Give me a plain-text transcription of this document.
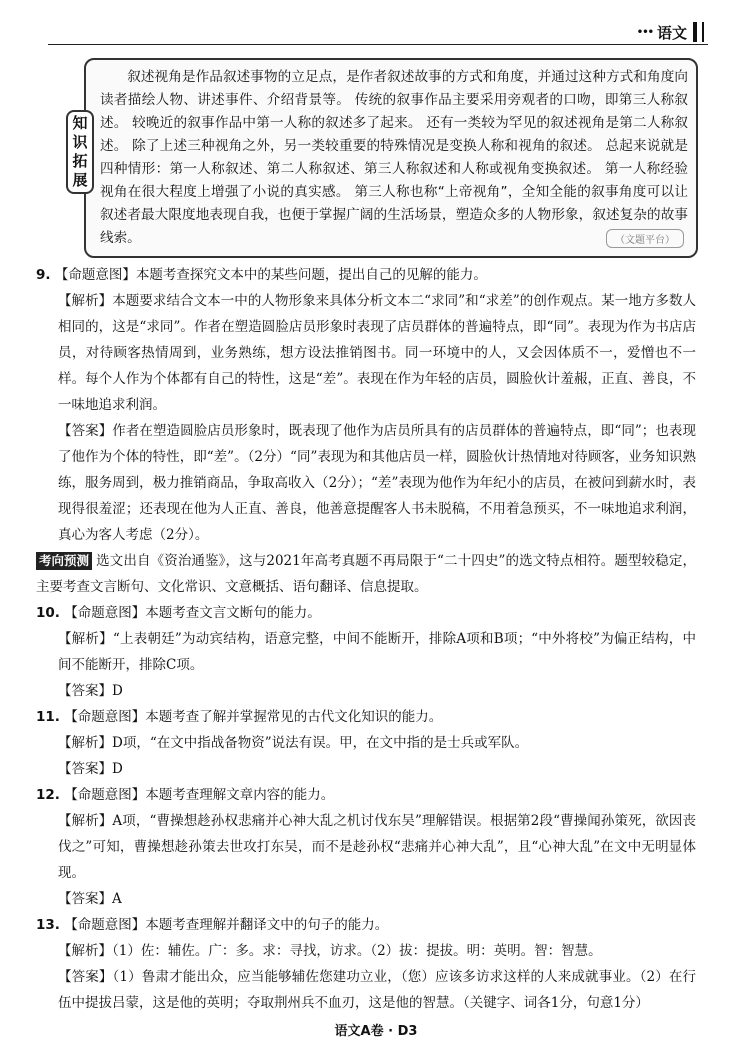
••• 语文

叙述视角是作品叙述事物的立足点，是作者叙述故事的方式和角度，并通过这种方式和角度向读者描绘人物、讲述事件、介绍背景等。 传统的叙事作品主要采用旁观者的口吻，即第三人称叙述。 较晚近的叙事作品中第一人称的叙述多了起来。 还有一类较为罕见的叙述视角是第二人称叙述。 除了上述三种视角之外，另一类较重要的特殊情况是变换人称和视角的叙述。 总起来说就是四种情形：第一人称叙述、第二人称叙述、第三人称叙述和人称或视角变换叙述。 第一人称经验视角在很大程度上增强了小说的真实感。 第三人称也称“上帝视角”，全知全能的叙事角度可以让叙述者最大限度地表现自我，也便于掌握广阔的生活场景，塑造众多的人物形象，叙述复杂的故事线索。	（文题平台）
知
识
拓
展

9. 【命题意图】本题考查探究文本中的某些问题，提出自己的见解的能力。

【解析】本题要求结合文本一中的人物形象来具体分析文本二“求同”和“求差”的创作观点。某一地方多数人相同的，这是“求同”。作者在塑造圆脸店员形象时表现了店员群体的普遍特点，即“同”。表现为作为书店店员，对待顾客热情周到，业务熟练，想方设法推销图书。同一环境中的人，又会因体质不一，爱憎也不一样。每个人作为个体都有自己的特性，这是“差”。表现在作为年轻的店员，圆脸伙计羞赧，正直、善良，不一味地追求利润。

【答案】作者在塑造圆脸店员形象时，既表现了他作为店员所具有的店员群体的普遍特点，即“同”；也表现了他作为个体的特性，即“差”。（2分）“同”表现为和其他店员一样，圆脸伙计热情地对待顾客，业务知识熟练，服务周到，极力推销商品，争取高收入（2分）；“差”表现为他作为年纪小的店员，在被问到薪水时，表现得很羞涩；还表现在他为人正直、善良，他善意提醒客人书未脱稿，不用着急预买，不一味地追求利润，真心为客人考虑（2分）。

考向预测 选文出自《资治通鉴》，这与2021年高考真题不再局限于“二十四史”的选文特点相符。题型较稳定，主要考查文言断句、文化常识、文意概括、语句翻译、信息提取。

10. 【命题意图】本题考查文言文断句的能力。

【解析】“上表朝廷”为动宾结构，语意完整，中间不能断开，排除A项和B项；“中外将校”为偏正结构，中间不能断开，排除C项。

【答案】D

11. 【命题意图】本题考查了解并掌握常见的古代文化知识的能力。

【解析】D项，“在文中指战备物资”说法有误。甲，在文中指的是士兵或军队。

【答案】D

12. 【命题意图】本题考查理解文章内容的能力。

【解析】A项，“曹操想趁孙权悲痛并心神大乱之机讨伐东吴”理解错误。根据第2段“曹操闻孙策死，欲因丧伐之”可知，曹操想趁孙策去世攻打东吴，而不是趁孙权“悲痛并心神大乱”，且“心神大乱”在文中无明显体现。

【答案】A

13. 【命题意图】本题考查理解并翻译文中的句子的能力。

【解析】（1）佐：辅佐。广：多。求：寻找，访求。（2）拔：提拔。明：英明。智：智慧。

【答案】（1）鲁肃才能出众，应当能够辅佐您建功立业，（您）应该多访求这样的人来成就事业。（2）在行伍中提拔吕蒙，这是他的英明；夺取荆州兵不血刃，这是他的智慧。（关键字、词各1分，句意1分）

语文A卷 · D3
